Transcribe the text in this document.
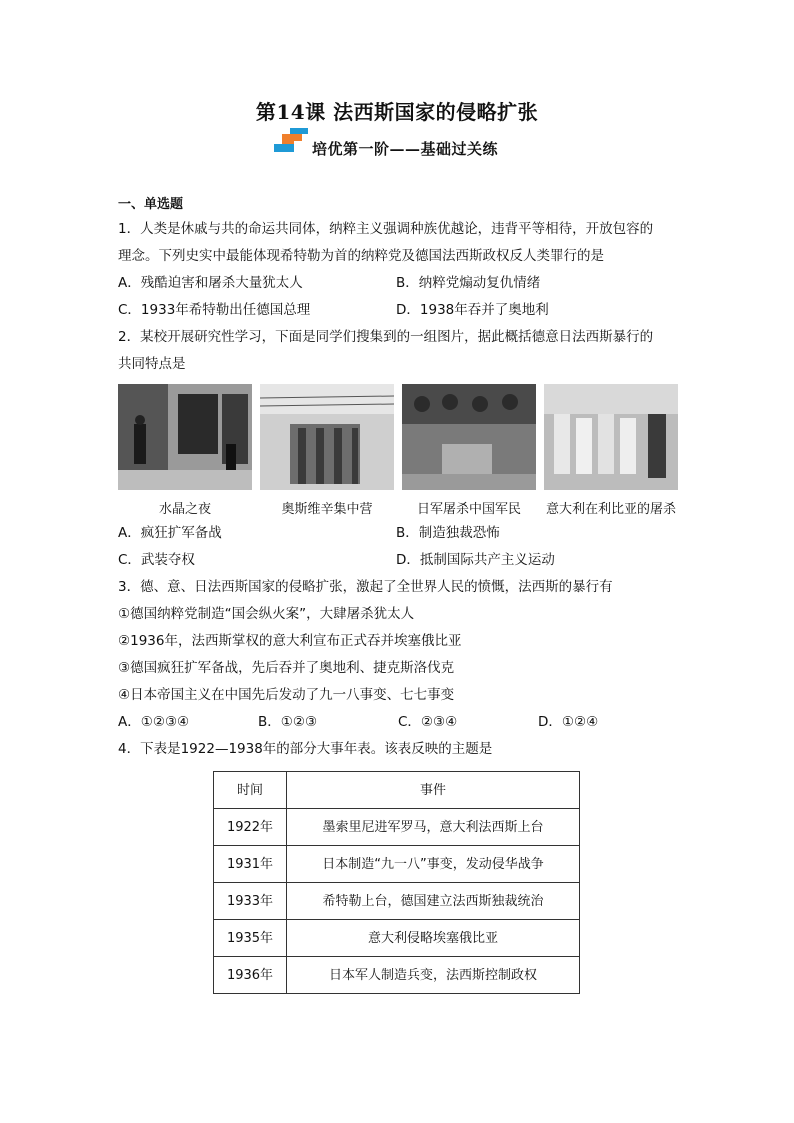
第14课 法西斯国家的侵略扩张
培优第一阶——基础过关练
一、单选题

1．人类是休戚与共的命运共同体，纳粹主义强调种族优越论，违背平等相待，开放包容的

理念。下列史实中最能体现希特勒为首的纳粹党及德国法西斯政权反人类罪行的是

A．残酷迫害和屠杀大量犹太人	B．纳粹党煽动复仇情绪
C．1933年希特勒出任德国总理	D．1938年吞并了奥地利

2．某校开展研究性学习，下面是同学们搜集到的一组图片，据此概括德意日法西斯暴行的

共同特点是

水晶之夜	奥斯维辛集中营	日军屠杀中国军民 意大利在利比亚的屠杀
A．疯狂扩军备战	B．制造独裁恐怖
C．武装夺权	D．抵制国际共产主义运动

3．德、意、日法西斯国家的侵略扩张，激起了全世界人民的愤慨，法西斯的暴行有

①德国纳粹党制造“国会纵火案”，大肆屠杀犹太人

②1936年，法西斯掌权的意大利宣布正式吞并埃塞俄比亚

③德国疯狂扩军备战，先后吞并了奥地利、捷克斯洛伐克

④日本帝国主义在中国先后发动了九一八事变、七七事变

A．①②③④	B．①②③	C．②③④	D．①②④

4．下表是1922—1938年的部分大事年表。该表反映的主题是

时间	事件
1922年	墨索里尼进军罗马，意大利法西斯上台
1931年	日本制造“九一八”事变，发动侵华战争
1933年	希特勒上台，德国建立法西斯独裁统治
1935年	意大利侵略埃塞俄比亚
1936年	日本军人制造兵变，法西斯控制政权
